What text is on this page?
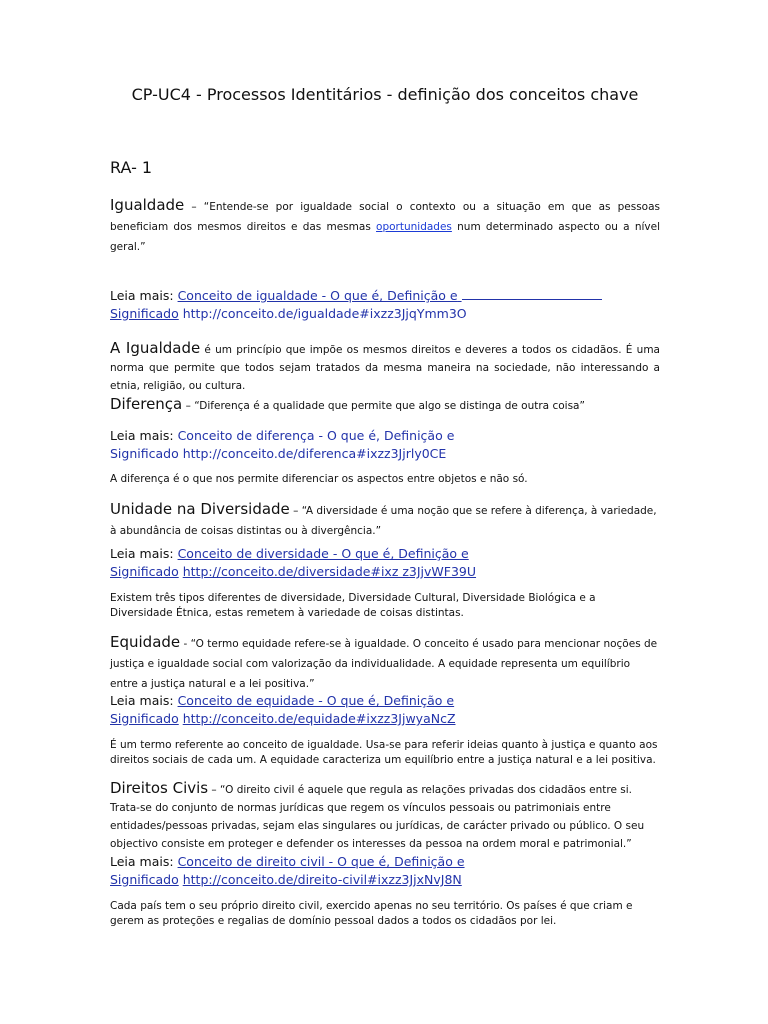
CP-UC4 - Processos Identitários - definição dos conceitos chave
RA- 1

Igualdade – “Entende-se por igualdade social o contexto ou a situação em que as pessoas beneficiam dos mesmos direitos e das mesmas oportunidades num determinado aspecto ou a nível geral.”

Leia mais: Conceito de igualdade - O que é, Definição e
Significado http://conceito.de/igualdade#ixzz3JjqYmm3O

A Igualdade é um princípio que impõe os mesmos direitos e deveres a todos os cidadãos. É uma norma que permite que todos sejam tratados da mesma maneira na sociedade, não interessando a etnia, religião, ou cultura.

Diferença – “Diferença é a qualidade que permite que algo se distinga de outra coisa”

Leia mais: Conceito de diferença - O que é, Definição e
Significado http://conceito.de/diferenca#ixzz3Jjrly0CE

A diferença é o que nos permite diferenciar os aspectos entre objetos e não só.

Unidade na Diversidade – “A diversidade é uma noção que se refere à diferença, à variedade, à abundância de coisas distintas ou à divergência.”

Leia mais: Conceito de diversidade - O que é, Definição e
Significado http://conceito.de/diversidade#ixz z3JjvWF39U

Existem três tipos diferentes de diversidade, Diversidade Cultural, Diversidade Biológica e a Diversidade Étnica, estas remetem à variedade de coisas distintas.

Equidade - “O termo equidade refere-se à igualdade. O conceito é usado para mencionar noções de justiça e igualdade social com valorização da individualidade. A equidade representa um equilíbrio entre a justiça natural e a lei positiva.”

Leia mais: Conceito de equidade - O que é, Definição e
Significado http://conceito.de/equidade#ixzz3JjwyaNcZ

É um termo referente ao conceito de igualdade. Usa-se para referir ideias quanto à justiça e quanto aos direitos sociais de cada um. A equidade caracteriza um equilíbrio entre a justiça natural e a lei positiva.

Direitos Civis – “O direito civil é aquele que regula as relações privadas dos cidadãos entre si. Trata-se do conjunto de normas jurídicas que regem os vínculos pessoais ou patrimoniais entre entidades/pessoas privadas, sejam elas singulares ou jurídicas, de carácter privado ou público. O seu objectivo consiste em proteger e defender os interesses da pessoa na ordem moral e patrimonial.”

Leia mais: Conceito de direito civil - O que é, Definição e
Significado http://conceito.de/direito-civil#ixzz3JjxNvJ8N

Cada país tem o seu próprio direito civil, exercido apenas no seu território. Os países é que criam e gerem as proteções e regalias de domínio pessoal dados a todos os cidadãos por lei.
